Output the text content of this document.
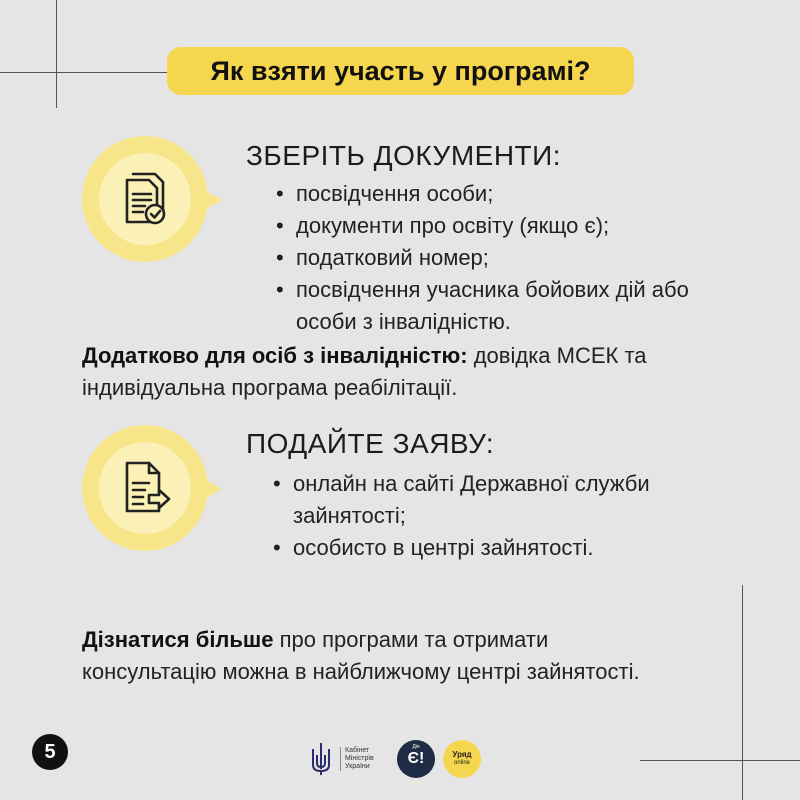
Як взяти участь у програмі?
ЗБЕРІТЬ ДОКУМЕНТИ:
• посвідчення особи;
• документи про освіту (якщо є);
• податковий номер;
• посвідчення учасника бойових дій або особи з інвалідністю.
Додатково для осіб з інвалідністю: довідка МСЕК та індивідуальна програма реабілітації.
ПОДАЙТЕ ЗАЯВУ:
• онлайн на сайті Державної служби зайнятості;
• особисто в центрі зайнятості.
Дізнатися більше про програми та отримати консультацію можна в найближчому центрі зайнятості.
5	Кабінет Міністрів України
Дія
Є!	Уряд
online
